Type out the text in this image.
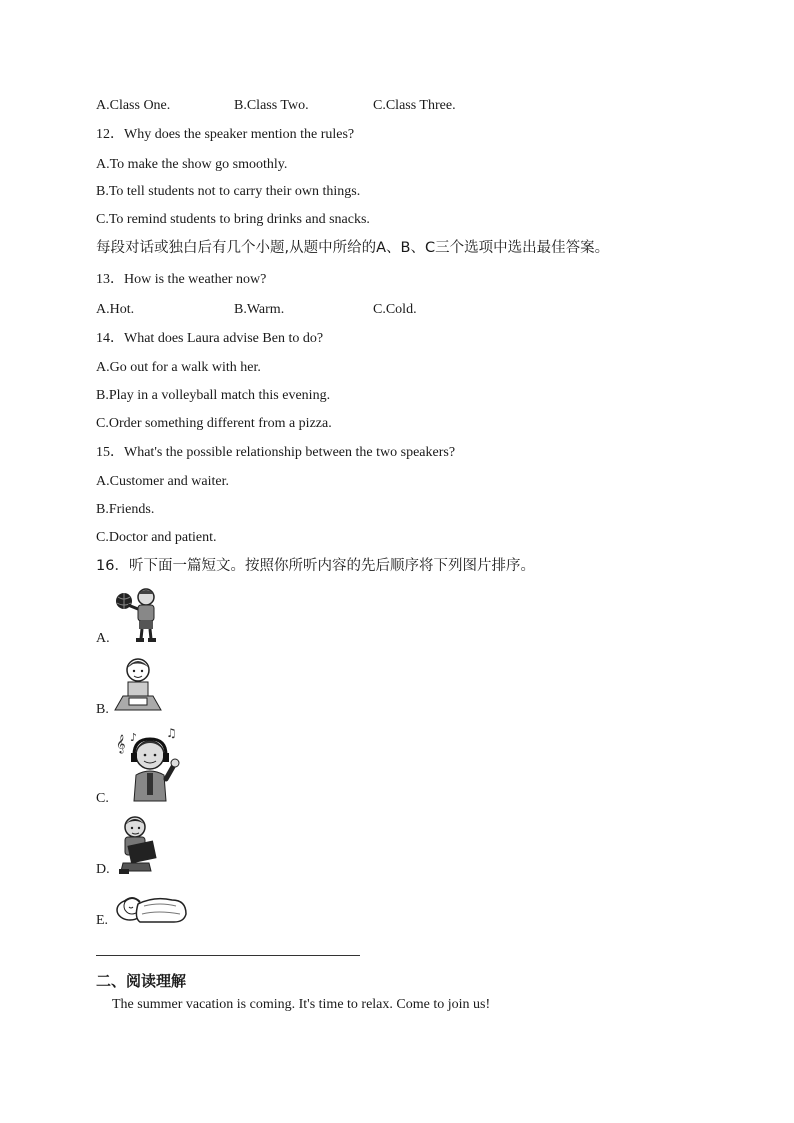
A.Class One.	B.Class Two.	C.Class Three.
12．Why does the speaker mention the rules?
A.To make the show go smoothly.
B.To tell students not to carry their own things.
C.To remind students to bring drinks and snacks.
每段对话或独白后有几个小题,从题中所给的A、B、C三个选项中选出最佳答案。
13．How is the weather now?
A.Hot.	B.Warm.	C.Cold.
14．What does Laura advise Ben to do?
A.Go out for a walk with her.
B.Play in a volleyball match this evening.
C.Order something different from a pizza.
15．What's the possible relationship between the two speakers?
A.Customer and waiter.
B.Friends.
C.Doctor and patient.
16．听下面一篇短文。按照你所听内容的先后顺序将下列图片排序。
A.
B.
C.
𝄞 ♪ ♫
D.
E.
二、阅读理解
The summer vacation is coming. It's time to relax. Come to join us!
